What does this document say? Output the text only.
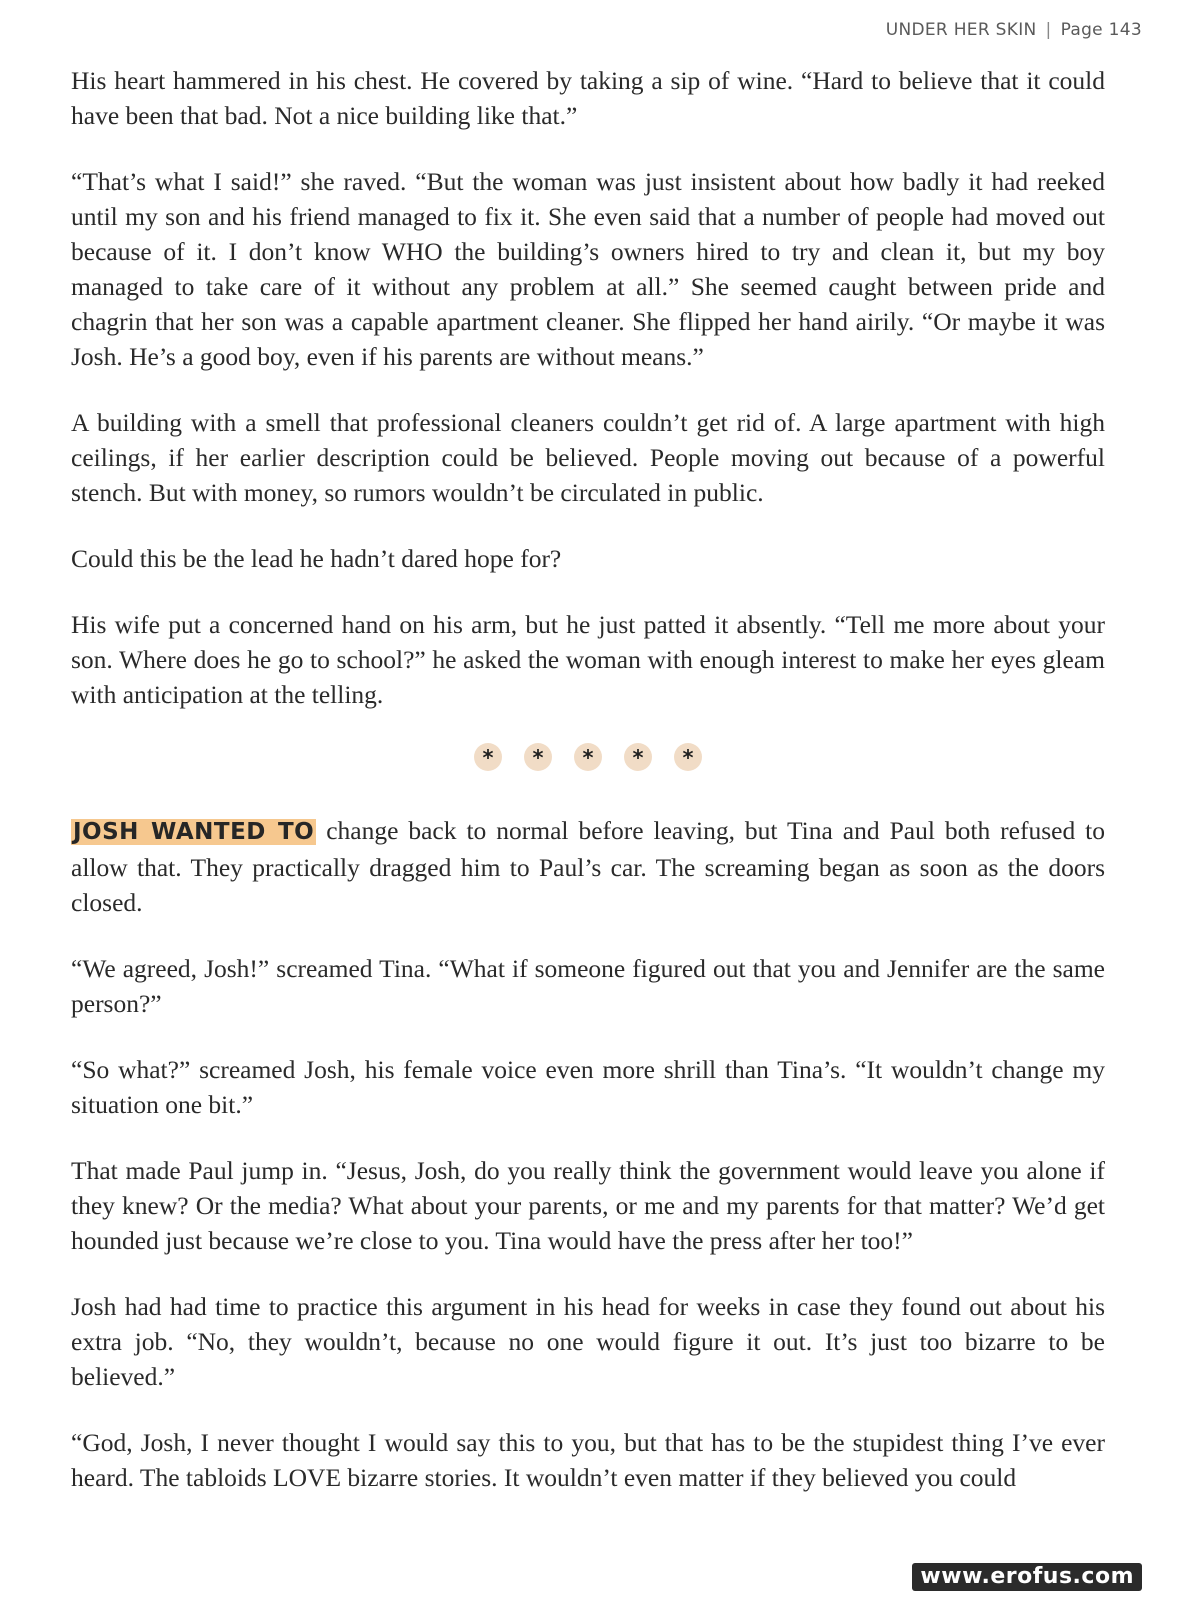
UNDER HER SKIN | Page 143

His heart hammered in his chest. He covered by taking a sip of wine. “Hard to believe that it could have been that bad. Not a nice building like that.”

“That’s what I said!” she raved. “But the woman was just insistent about how badly it had reeked until my son and his friend managed to fix it. She even said that a number of people had moved out because of it. I don’t know WHO the building’s owners hired to try and clean it, but my boy managed to take care of it without any problem at all.” She seemed caught between pride and chagrin that her son was a capable apartment cleaner. She flipped her hand airily. “Or maybe it was Josh. He’s a good boy, even if his parents are without means.”

A building with a smell that professional cleaners couldn’t get rid of. A large apartment with high ceilings, if her earlier description could be believed. People moving out because of a powerful stench. But with money, so rumors wouldn’t be circulated in public.

Could this be the lead he hadn’t dared hope for?

His wife put a concerned hand on his arm, but he just patted it absently. “Tell me more about your son. Where does he go to school?” he asked the woman with enough interest to make her eyes gleam with anticipation at the telling.

*	*	*	*	*

JOSH WANTED TO change back to normal before leaving, but Tina and Paul both refused to allow that. They practically dragged him to Paul’s car. The screaming began as soon as the doors closed.

“We agreed, Josh!” screamed Tina. “What if someone figured out that you and Jennifer are the same person?”

“So what?” screamed Josh, his female voice even more shrill than Tina’s. “It wouldn’t change my situation one bit.”

That made Paul jump in. “Jesus, Josh, do you really think the government would leave you alone if they knew? Or the media? What about your parents, or me and my parents for that matter? We’d get hounded just because we’re close to you. Tina would have the press after her too!”

Josh had had time to practice this argument in his head for weeks in case they found out about his extra job. “No, they wouldn’t, because no one would figure it out. It’s just too bizarre to be believed.”

“God, Josh, I never thought I would say this to you, but that has to be the stupidest thing I’ve ever heard. The tabloids LOVE bizarre stories. It wouldn’t even matter if they believed you could

www.erofus.com
